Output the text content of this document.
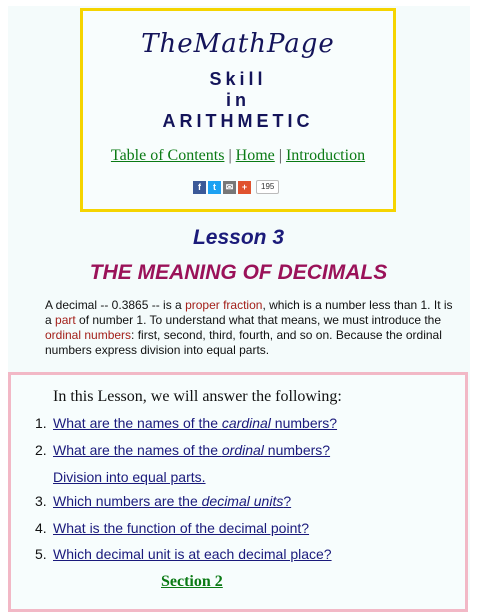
TheMathPage
Skill
in
ARITHMETIC
Table of Contents | Home | Introduction
f	t	✉ +	195
Lesson 3
THE MEANING OF DECIMALS
A decimal -- 0.3865 -- is a proper fraction, which is a number less than 1. It is a part of number 1. To understand what that means, we must introduce the ordinal numbers: first, second, third, fourth, and so on. Because the ordinal numbers express division into equal parts.
In this Lesson, we will answer the following:
1. What are the names of the cardinal numbers?
2. What are the names of the ordinal numbers?
Division into equal parts.
3. Which numbers are the decimal units?
4. What is the function of the decimal point?
5. Which decimal unit is at each decimal place?
Section 2
